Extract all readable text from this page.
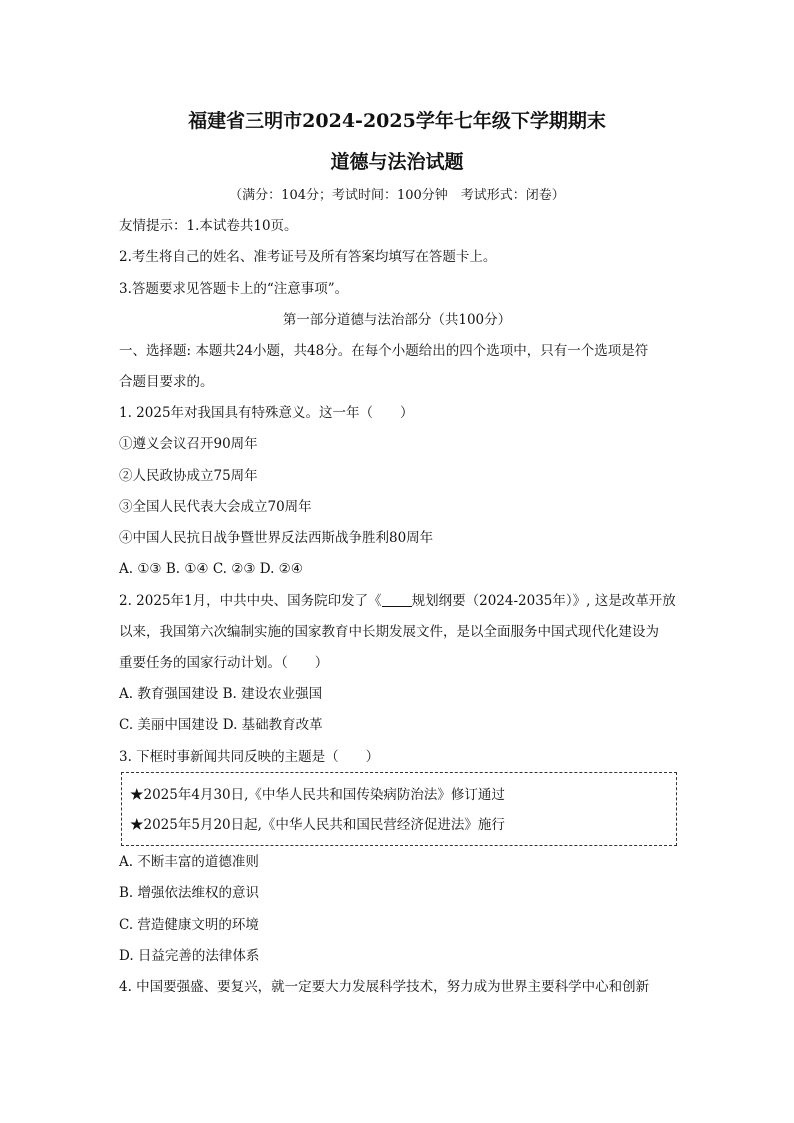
福建省三明市2024-2025学年七年级下学期期末
道德与法治试题
（满分：104分；考试时间：100分钟　考试形式：闭卷）
友情提示：1.本试卷共10页。
2.考生将自己的姓名、准考证号及所有答案均填写在答题卡上。
3.答题要求见答题卡上的“注意事项”。
第一部分道德与法治部分（共100分）
一、选择题: 本题共24小题，共48分。在每个小题给出的四个选项中，只有一个选项是符
合题目要求的。
1. 2025年对我国具有特殊意义。这一年（　　）
①遵义会议召开90周年
②人民政协成立75周年
③全国人民代表大会成立70周年
④中国人民抗日战争暨世界反法西斯战争胜利80周年
A. ①③ B. ①④ C. ②③ D. ②④
2. 2025年1月，中共中央、国务院印发了《 规划纲要（2024-2035年）》, 这是改革开放
以来，我国第六次编制实施的国家教育中长期发展文件，是以全面服务中国式现代化建设为
重要任务的国家行动计划。（　　）
A. 教育强国建设 B. 建设农业强国
C. 美丽中国建设 D. 基础教育改革
3. 下框时事新闻共同反映的主题是（　　）
★2025年4月30日,《中华人民共和国传染病防治法》修订通过
★2025年5月20日起,《中华人民共和国民营经济促进法》施行
A. 不断丰富的道德准则
B. 增强依法维权的意识
C. 营造健康文明的环境
D. 日益完善的法律体系
4. 中国要强盛、要复兴，就一定要大力发展科学技术，努力成为世界主要科学中心和创新
